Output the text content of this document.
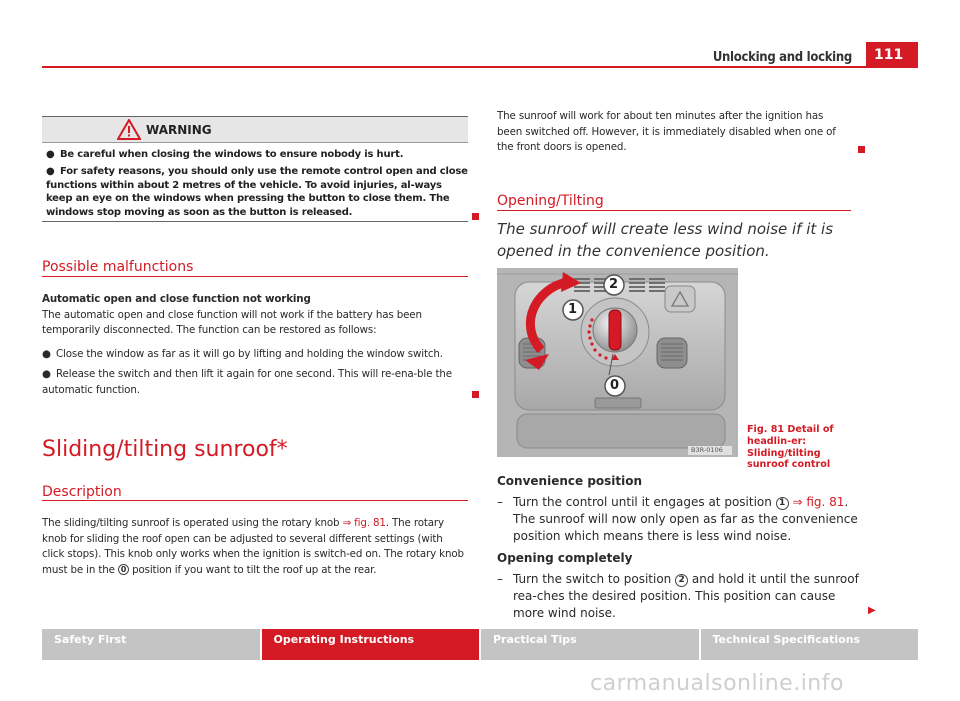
Unlocking and locking	111
WARNING
● Be careful when closing the windows to ensure nobody is hurt.
● For safety reasons, you should only use the remote control open and close functions within about 2 metres of the vehicle. To avoid injuries, al-ways keep an eye on the windows when pressing the button to close them. The windows stop moving as soon as the button is released.
Possible malfunctions
Automatic open and close function not working
The automatic open and close function will not work if the battery has been temporarily disconnected. The function can be restored as follows:
● Close the window as far as it will go by lifting and holding the window switch.
● Release the switch and then lift it again for one second. This will re-ena-ble the automatic function.
Sliding/tilting sunroof*
Description
The sliding/tilting sunroof is operated using the rotary knob ⇒ fig. 81. The rotary knob for sliding the roof open can be adjusted to several different settings (with click stops). This knob only works when the ignition is switch-ed on. The rotary knob must be in the 0 position if you want to tilt the roof up at the rear.
The sunroof will work for about ten minutes after the ignition has been switched off. However, it is immediately disabled when one of the front doors is opened.
Opening/Tilting
The sunroof will create less wind noise if it is opened in the convenience position.
2
1
0
B3R-0106
Fig. 81 Detail of headlin-er: Sliding/tilting sunroof control
Convenience position
– Turn the control until it engages at position 1 ⇒ fig. 81. The sunroof will now only open as far as the convenience position which means there is less wind noise.
Opening completely
– Turn the switch to position 2 and hold it until the sunroof rea-ches the desired position. This position can cause more wind noise.	▶
Safety First	Operating Instructions	Practical Tips	Technical Specifications
carmanualsonline.info
